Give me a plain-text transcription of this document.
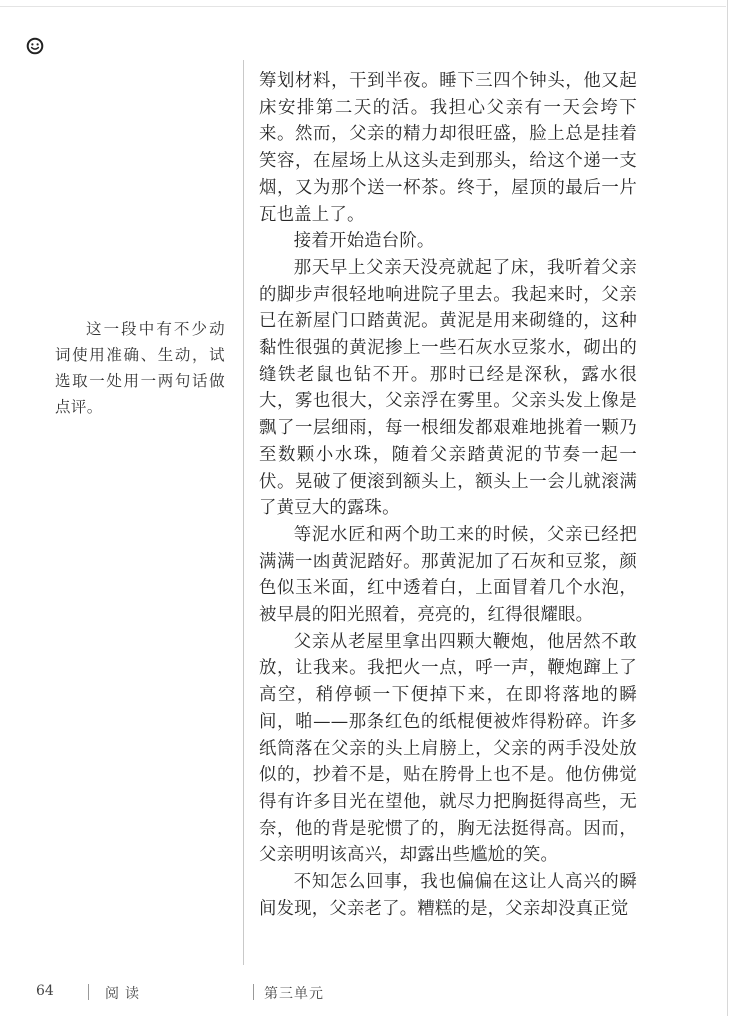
这一段中有不少动词使用准确、生动，试选取一处用一两句话做点评。

筹划材料，干到半夜。睡下三四个钟头，他又起床安排第二天的活。我担心父亲有一天会垮下来。然而，父亲的精力却很旺盛，脸上总是挂着笑容，在屋场上从这头走到那头，给这个递一支烟，又为那个送一杯茶。终于，屋顶的最后一片瓦也盖上了。

接着开始造台阶。

那天早上父亲天没亮就起了床，我听着父亲的脚步声很轻地响进院子里去。我起来时，父亲已在新屋门口踏黄泥。黄泥是用来砌缝的，这种黏性很强的黄泥掺上一些石灰水豆浆水，砌出的缝铁老鼠也钻不开。那时已经是深秋，露水很大，雾也很大，父亲浮在雾里。父亲头发上像是飘了一层细雨，每一根细发都艰难地挑着一颗乃至数颗小水珠，随着父亲踏黄泥的节奏一起一伏。晃破了便滚到额头上，额头上一会儿就滚满了黄豆大的露珠。

等泥水匠和两个助工来的时候，父亲已经把满满一凼黄泥踏好。那黄泥加了石灰和豆浆，颜色似玉米面，红中透着白，上面冒着几个水泡，被早晨的阳光照着，亮亮的，红得很耀眼。

父亲从老屋里拿出四颗大鞭炮，他居然不敢放，让我来。我把火一点，呼一声，鞭炮蹿上了高空，稍停顿一下便掉下来，在即将落地的瞬间，啪——那条红色的纸棍便被炸得粉碎。许多纸筒落在父亲的头上肩膀上，父亲的两手没处放似的，抄着不是，贴在胯骨上也不是。他仿佛觉得有许多目光在望他，就尽力把胸挺得高些，无奈，他的背是驼惯了的，胸无法挺得高。因而，父亲明明该高兴，却露出些尴尬的笑。

不知怎么回事，我也偏偏在这让人高兴的瞬间发现，父亲老了。糟糕的是，父亲却没真正觉

64	阅读	第三单元
